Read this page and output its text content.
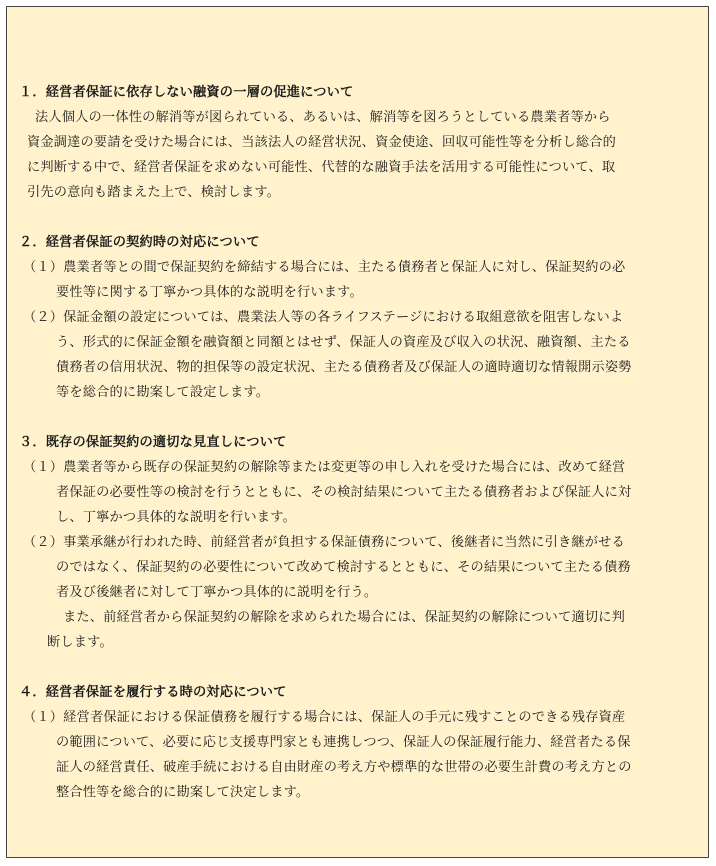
１．経営者保証に依存しない融資の一層の促進について
法人個人の一体性の解消等が図られている、あるいは、解消等を図ろうとしている農業者等から
資金調達の要請を受けた場合には、当該法人の経営状況、資金使途、回収可能性等を分析し総合的
に判断する中で、経営者保証を求めない可能性、代替的な融資手法を活用する可能性について、取
引先の意向も踏まえた上で、検討します。
２．経営者保証の契約時の対応について
（１）農業者等との間で保証契約を締結する場合には、主たる債務者と保証人に対し、保証契約の必
要性等に関する丁寧かつ具体的な説明を行います。
（２）保証金額の設定については、農業法人等の各ライフステージにおける取組意欲を阻害しないよ
う、形式的に保証金額を融資額と同額とはせず、保証人の資産及び収入の状況、融資額、主たる
債務者の信用状況、物的担保等の設定状況、主たる債務者及び保証人の適時適切な情報開示姿勢
等を総合的に勘案して設定します。
３．既存の保証契約の適切な見直しについて
（１）農業者等から既存の保証契約の解除等または変更等の申し入れを受けた場合には、改めて経営
者保証の必要性等の検討を行うとともに、その検討結果について主たる債務者および保証人に対
し、丁寧かつ具体的な説明を行います。
（２）事業承継が行われた時、前経営者が負担する保証債務について、後継者に当然に引き継がせる
のではなく、保証契約の必要性について改めて検討するとともに、その結果について主たる債務
者及び後継者に対して丁寧かつ具体的に説明を行う。
また、前経営者から保証契約の解除を求められた場合には、保証契約の解除について適切に判
断します。
４．経営者保証を履行する時の対応について
（１）経営者保証における保証債務を履行する場合には、保証人の手元に残すことのできる残存資産
の範囲について、必要に応じ支援専門家とも連携しつつ、保証人の保証履行能力、経営者たる保
証人の経営責任、破産手続における自由財産の考え方や標準的な世帯の必要生計費の考え方との
整合性等を総合的に勘案して決定します。
